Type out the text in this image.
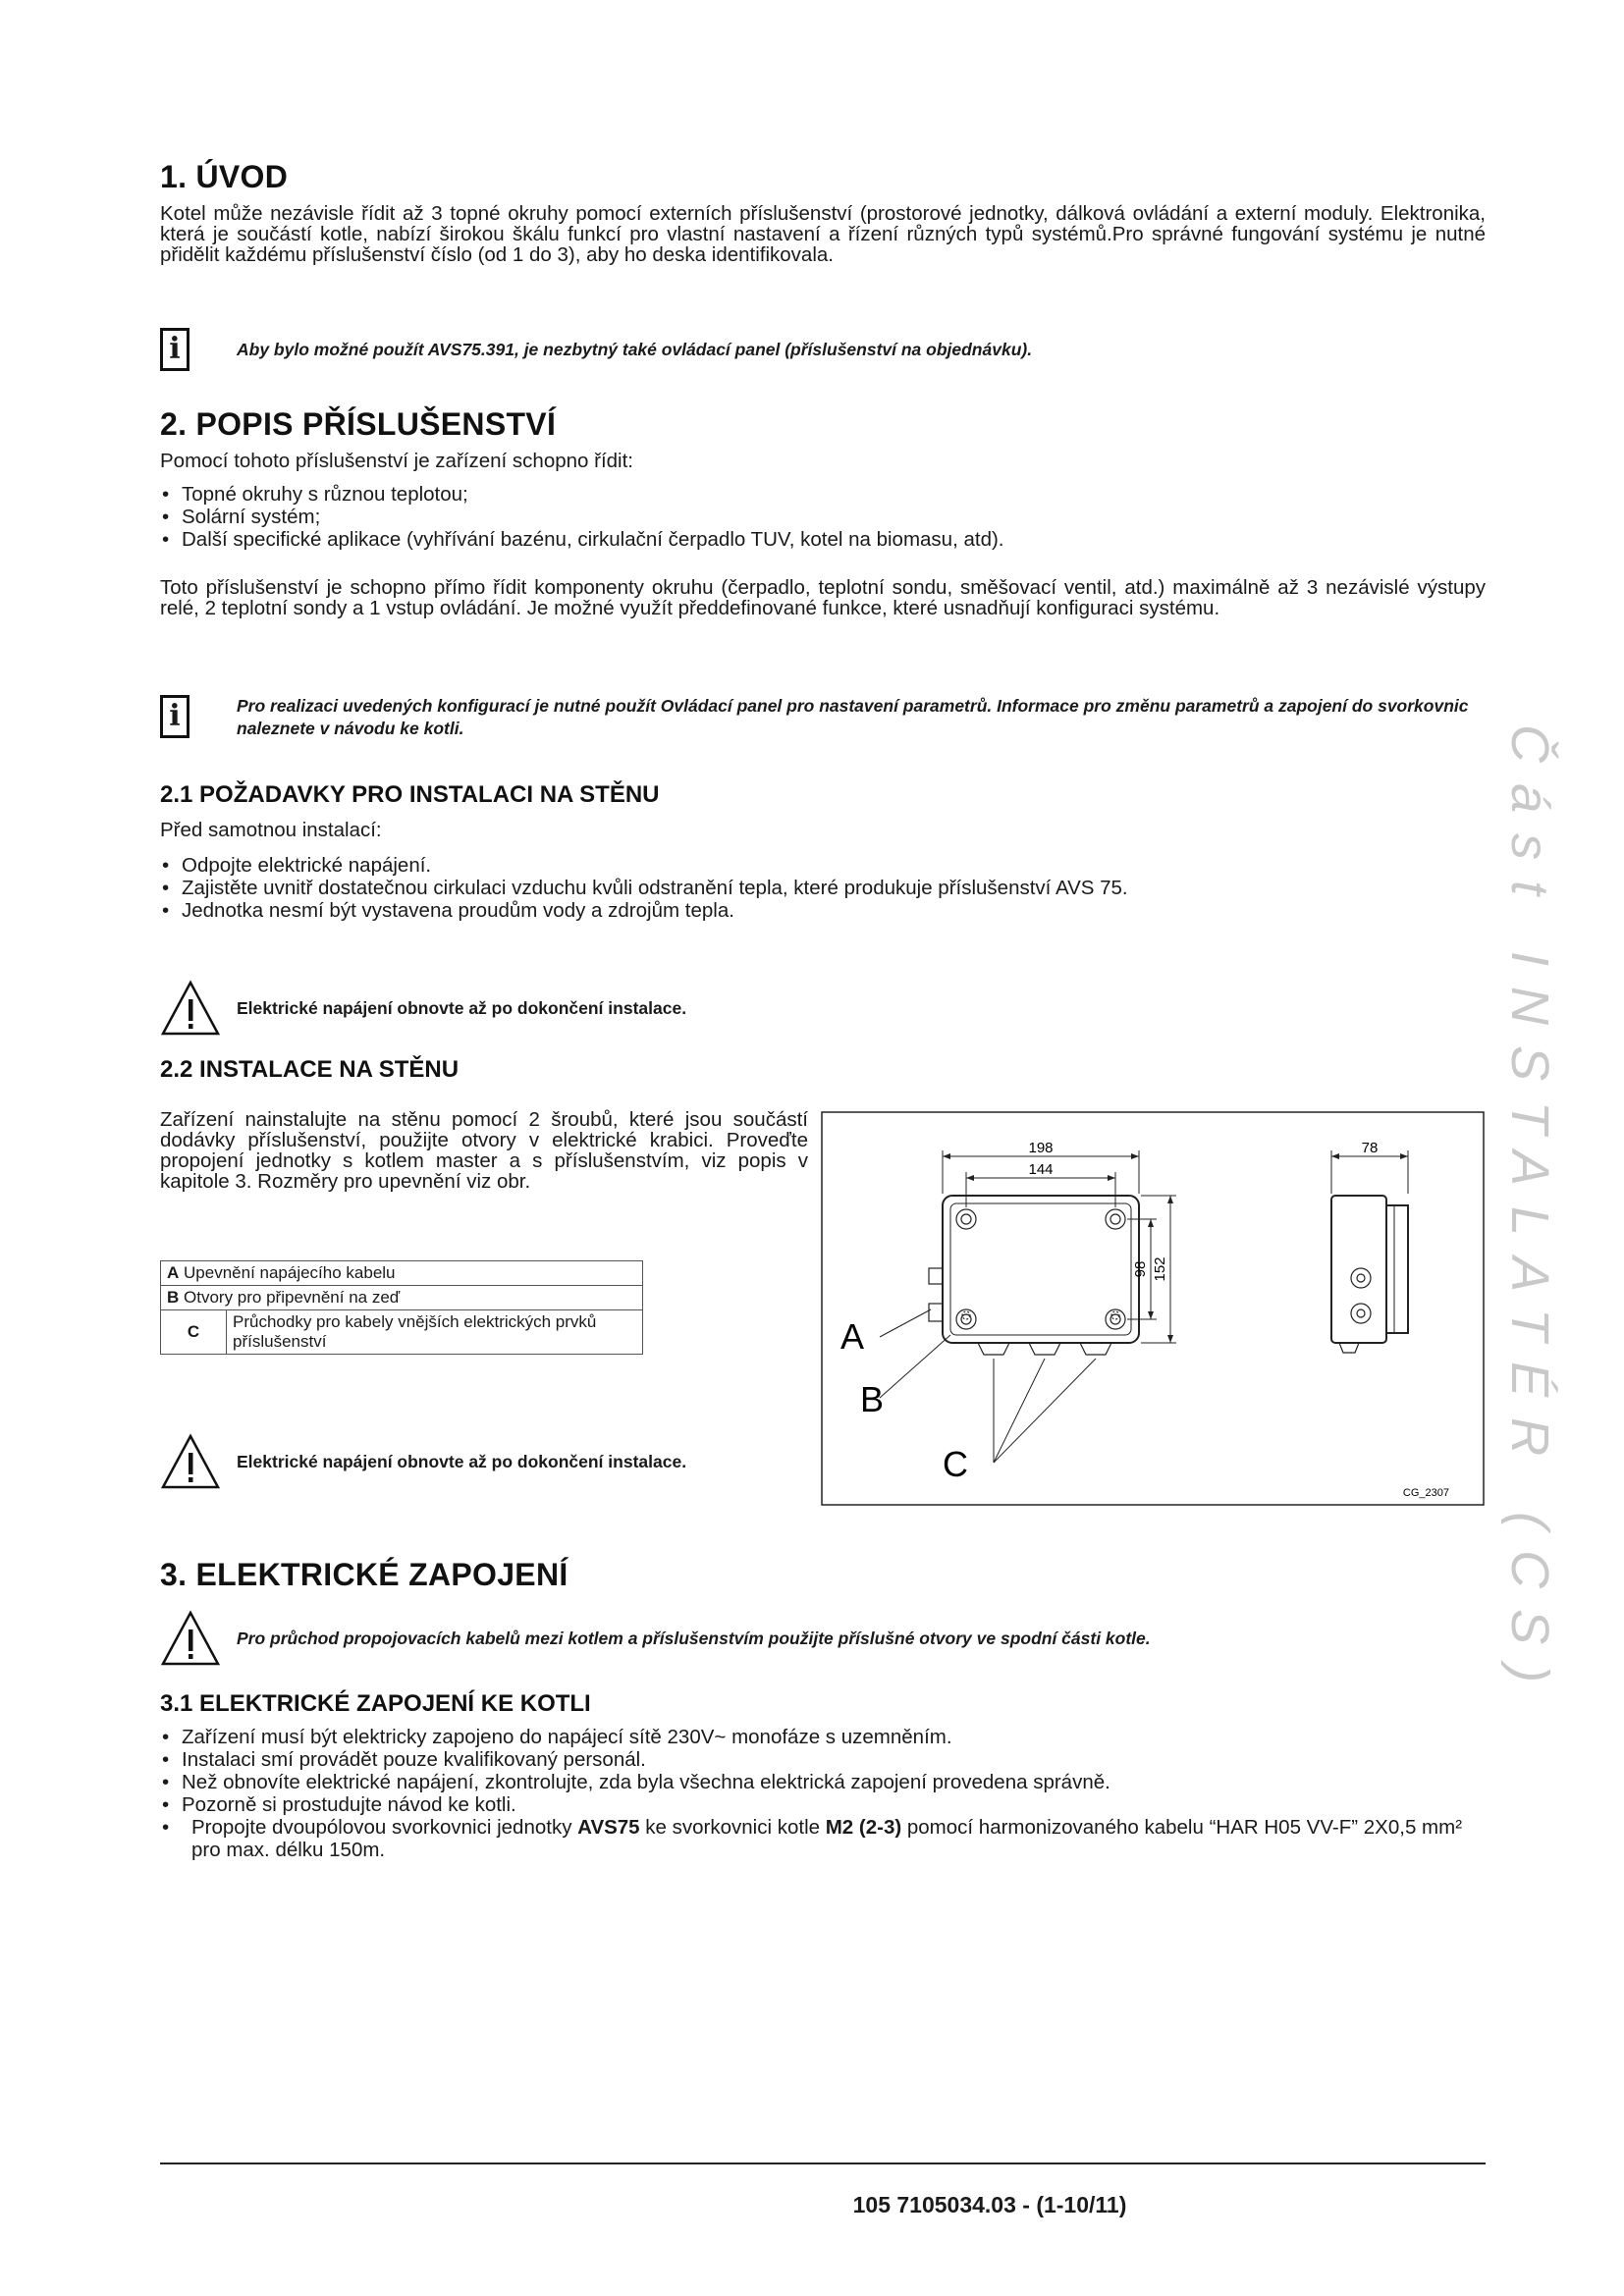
1. ÚVOD

Kotel může nezávisle řídit až 3 topné okruhy pomocí externích příslušenství (prostorové jednotky, dálková ovládání a externí moduly. Elektronika, která je součástí kotle, nabízí širokou škálu funkcí pro vlastní nastavení a řízení různých typů systémů.Pro správné fungování systému je nutné přidělit každému příslušenství číslo (od 1 do 3), aby ho deska identifikovala.

i	Aby bylo možné použít AVS75.391, je nezbytný také ovládací panel (příslušenství na objednávku).
2. POPIS PŘÍSLUŠENSTVÍ

Pomocí tohoto příslušenství je zařízení schopno řídit:

• Topné okruhy s různou teplotou;
• Solární systém;
• Další specifické aplikace (vyhřívání bazénu, cirkulační čerpadlo TUV, kotel na biomasu, atd).

Toto příslušenství je schopno přímo řídit komponenty okruhu (čerpadlo, teplotní sondu, směšovací ventil, atd.) maximálně až 3 nezávislé výstupy relé, 2 teplotní sondy a 1 vstup ovládání. Je možné využít předdefinované funkce, které usnadňují konfiguraci systému.

i	Pro realizaci uvedených konfigurací je nutné použít Ovládací panel pro nastavení parametrů. Informace pro změnu parametrů a zapojení do svorkovnic naleznete v návodu ke kotli.
2.1 POŽADAVKY PRO INSTALACI NA STĚNU

Před samotnou instalací:

• Odpojte elektrické napájení.
• Zajistěte uvnitř dostatečnou cirkulaci vzduchu kvůli odstranění tepla, které produkuje příslušenství AVS 75.
• Jednotka nesmí být vystavena proudům vody a zdrojům tepla.
Elektrické napájení obnovte až po dokončení instalace.
2.2 INSTALACE NA STĚNU

Zařízení nainstalujte na stěnu pomocí 2 šroubů, které jsou součástí dodávky příslušenství, použijte otvory v elektrické krabici. Proveďte propojení jednotky s kotlem master a s příslušenstvím, viz popis v kapitole 3. Rozměry pro upevnění viz obr.

A Upevnění napájecího kabelu
B Otvory pro připevnění na zeď
C	Průchodky pro kabely vnějších elektrických prvků příslušenství
Elektrické napájení obnovte až po dokončení instalace.
198
144
78
98 152
A
B
C
CG_2307
3. ELEKTRICKÉ ZAPOJENÍ
Pro průchod propojovacích kabelů mezi kotlem a příslušenstvím použijte příslušné otvory ve spodní části kotle.
3.1 ELEKTRICKÉ ZAPOJENÍ KE KOTLI
• Zařízení musí být elektricky zapojeno do napájecí sítě 230V~ monofáze s uzemněním.
• Instalaci smí provádět pouze kvalifikovaný personál.
• Než obnovíte elektrické napájení, zkontrolujte, zda byla všechna elektrická zapojení provedena správně.
• Pozorně si prostudujte návod ke kotli.
• Propojte dvoupólovou svorkovnici jednotky AVS75 ke svorkovnici kotle M2 (2-3) pomocí harmonizovaného kabelu “HAR H05 VV-F” 2X0,5 mm² pro max. délku 150m.
Část INSTALATÉR (CS)
105 7105034.03 - (1-10/11)
